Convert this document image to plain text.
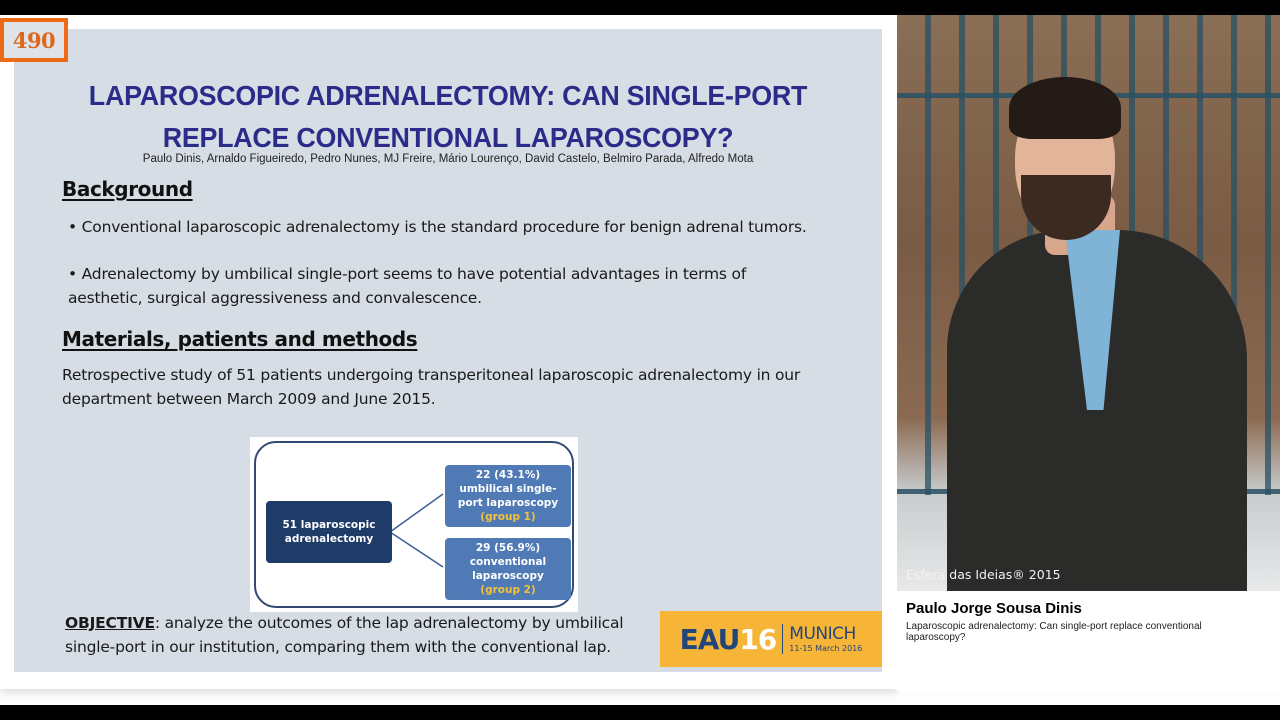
LAPAROSCOPIC ADRENALECTOMY: CAN SINGLE-PORT REPLACE CONVENTIONAL LAPAROSCOPY?
Paulo Dinis, Arnaldo Figueiredo, Pedro Nunes, MJ Freire, Mário Lourenço, David Castelo, Belmiro Parada, Alfredo Mota
Background
• Conventional laparoscopic adrenalectomy is the standard procedure for benign adrenal tumors.
• Adrenalectomy by umbilical single-port seems to have potential advantages in terms of aesthetic, surgical aggressiveness and convalescence.
Materials, patients and methods
Retrospective study of 51 patients undergoing transperitoneal laparoscopic adrenalectomy in our department between March 2009 and June 2015.
51 laparoscopic adrenalectomy
22 (43.1%) umbilical single-port laparoscopy (group 1)
29 (56.9%) conventional laparoscopy (group 2)
OBJECTIVE: analyze the outcomes of the lap adrenalectomy by umbilical single-port in our institution, comparing them with the conventional lap.	EAU16 MUNICH
11-15 March 2016
490
Esfera das Ideias® 2015
Paulo Jorge Sousa Dinis
Laparoscopic adrenalectomy: Can single-port replace conventional laparoscopy?
